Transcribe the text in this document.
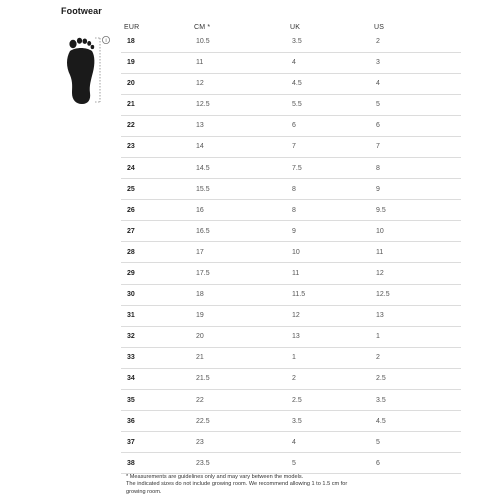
Footwear
i
EUR	CM *	UK	US
18	10.5	3.5	2
19	11	4	3
20	12	4.5	4
21	12.5	5.5	5
22	13	6	6
23	14	7	7
24	14.5	7.5	8
25	15.5	8	9
26	16	8	9.5
27	16.5	9	10
28	17	10	11
29	17.5	11	12
30	18	11.5	12.5
31	19	12	13
32	20	13	1
33	21	1	2
34	21.5	2	2.5
35	22	2.5	3.5
36	22.5	3.5	4.5
37	23	4	5
38	23.5	5	6
* Measurements are guidelines only and may vary between the models.
The indicated sizes do not include growing room. We recommend allowing 1 to 1.5 cm for
growing room.
